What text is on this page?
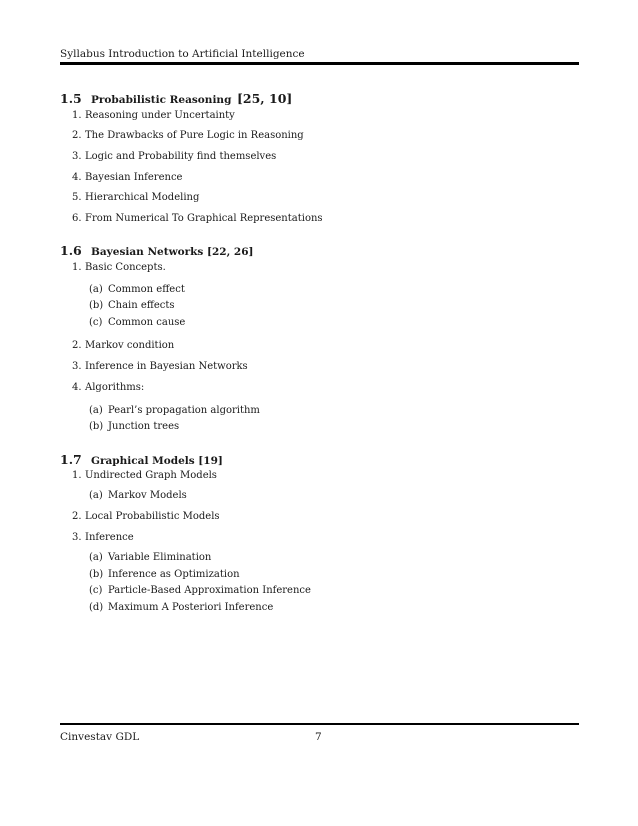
Syllabus Introduction to Artificial Intelligence
1.5 Probabilistic Reasoning [25, 10]
1. Reasoning under Uncertainty
2. The Drawbacks of Pure Logic in Reasoning
3. Logic and Probability find themselves
4. Bayesian Inference
5. Hierarchical Modeling
6. From Numerical To Graphical Representations
1.6 Bayesian Networks [22, 26]
1. Basic Concepts.
(a) Common effect
(b) Chain effects
(c) Common cause
2. Markov condition
3. Inference in Bayesian Networks
4. Algorithms:
(a) Pearl’s propagation algorithm
(b) Junction trees
1.7 Graphical Models [19]
1. Undirected Graph Models
(a) Markov Models
2. Local Probabilistic Models
3. Inference
(a) Variable Elimination
(b) Inference as Optimization
(c) Particle-Based Approximation Inference
(d) Maximum A Posteriori Inference
Cinvestav GDL	7
